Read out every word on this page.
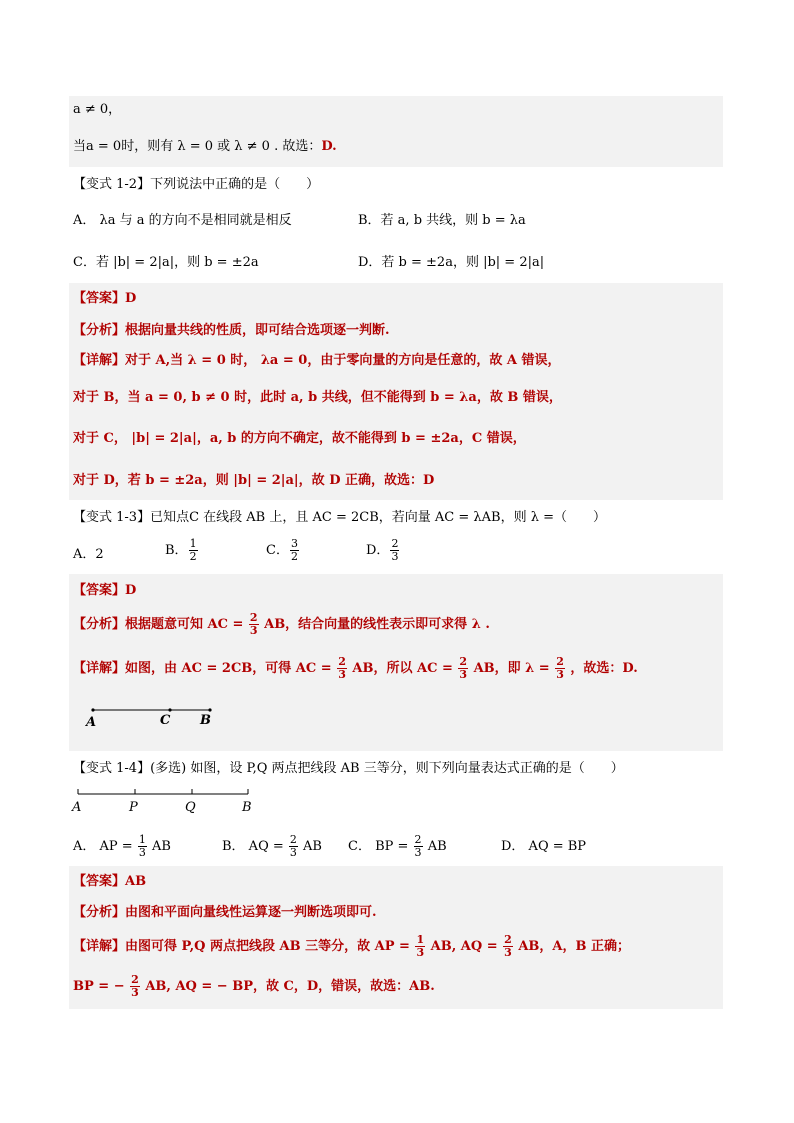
a ≠ 0，
当a = 0时，则有 λ = 0 或 λ ≠ 0 . 故选：D.
【变式 1-2】下列说法中正确的是（　　）
A． λa 与 a 的方向不是相同就是相反	B．若 a, b 共线，则 b = λa
C．若 |b| = 2|a|，则 b = ±2a	D．若 b = ±2a，则 |b| = 2|a|
【答案】D
【分析】根据向量共线的性质，即可结合选项逐一判断.
【详解】对于 A,当 λ = 0 时， λa = 0，由于零向量的方向是任意的，故 A 错误，
对于 B，当 a = 0, b ≠ 0 时，此时 a, b 共线，但不能得到 b = λa，故 B 错误，
对于 C， |b| = 2|a|，a, b 的方向不确定，故不能得到 b = ±2a，C 错误，
对于 D，若 b = ±2a，则 |b| = 2|a|，故 D 正确，故选：D
【变式 1-3】已知点C 在线段 AB 上，且 AC = 2CB，若向量 AC = λAB，则 λ =（　　）
A．2	B． $\frac{1}{2}$	C． $\frac{3}{2}$	D． $\frac{2}{3}$
【答案】D
【分析】根据题意可知 AC = $\frac{2}{3}$ AB，结合向量的线性表示即可求得 λ .
【详解】如图，由 AC = 2CB，可得 AC = $\frac{2}{3}$ AB，所以 AC = $\frac{2}{3}$ AB，即 $\lambda = \frac{2}{3}$ ，故选：D.
A	C B
【变式 1-4】(多选) 如图，设 P,Q 两点把线段 AB 三等分，则下列向量表达式正确的是（　　）
A	P	Q	B
A． AP = $\frac{1}{3}$ AB	B． AQ = $\frac{2}{3}$ AB C． BP = $\frac{2}{3}$ AB	D． AQ = BP
【答案】AB
【分析】由图和平面向量线性运算逐一判断选项即可.
【详解】由图可得 P,Q 两点把线段 AB 三等分，故 AP = $\frac{1}{3}$ AB, AQ = $\frac{2}{3}$ AB，A，B 正确；
BP = − $\frac{2}{3}$ AB, AQ = − BP，故 C，D，错误，故选：AB.
